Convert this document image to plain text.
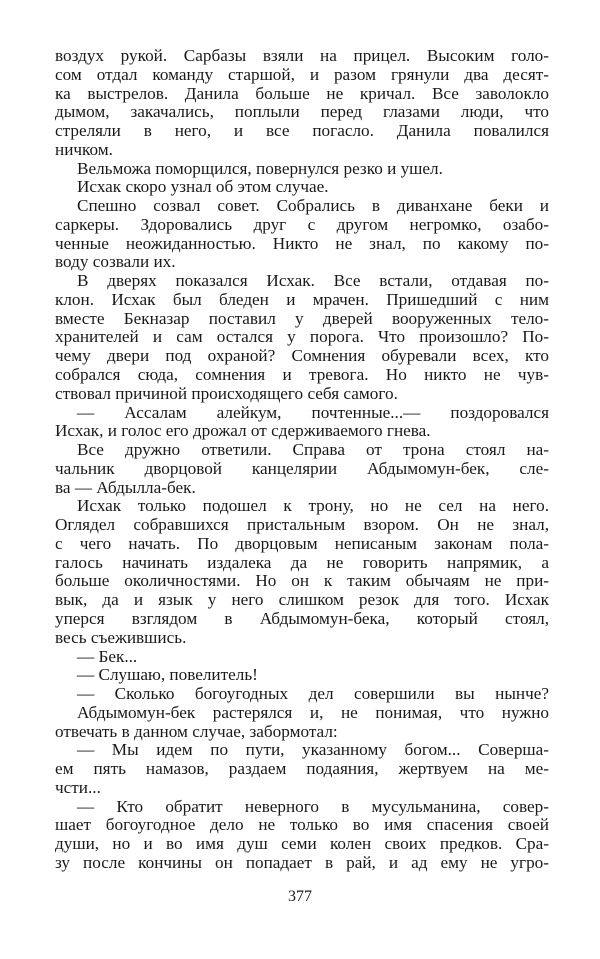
воздух рукой. Сарбазы взяли на прицел. Высоким голо-
сом отдал команду старшой, и разом грянули два десят-
ка выстрелов. Данила больше не кричал. Все заволокло
дымом, закачались, поплыли перед глазами люди, что
стреляли в него, и все погасло. Данила повалился
ничком.
Вельможа поморщился, повернулся резко и ушел.
Исхак скоро узнал об этом случае.
Спешно созвал совет. Собрались в диванхане беки и
саркеры. Здоровались друг с другом негромко, озабо-
ченные неожиданностью. Никто не знал, по какому по-
воду созвали их.
В дверях показался Исхак. Все встали, отдавая по-
клон. Исхак был бледен и мрачен. Пришедший с ним
вместе Бекназар поставил у дверей вооруженных тело-
хранителей и сам остался у порога. Что произошло? По-
чему двери под охраной? Сомнения обуревали всех, кто
собрался сюда, сомнения и тревога. Но никто не чув-
ствовал причиной происходящего себя самого.
— Ассалам алейкум, почтенные...— поздоровался
Исхак, и голос его дрожал от сдерживаемого гнева.
Все дружно ответили. Справа от трона стоял на-
чальник дворцовой канцелярии Абдымомун-бек, сле-
ва — Абдылла-бек.
Исхак только подошел к трону, но не сел на него.
Оглядел собравшихся пристальным взором. Он не знал,
с чего начать. По дворцовым неписаным законам пола-
галось начинать издалека да не говорить напрямик, а
больше околичностями. Но он к таким обычаям не при-
вык, да и язык у него слишком резок для того. Исхак
уперся взглядом в Абдымомун-бека, который стоял,
весь съежившись.
— Бек...
— Слушаю, повелитель!
— Сколько богоугодных дел совершили вы нынче?
Абдымомун-бек растерялся и, не понимая, что нужно
отвечать в данном случае, забормотал:
— Мы идем по пути, указанному богом... Соверша-
ем пять намазов, раздаем подаяния, жертвуем на ме-
чсти...
— Кто обратит неверного в мусульманина, совер-
шает богоугодное дело не только во имя спасения своей
души, но и во имя душ семи колен своих предков. Сра-
зу после кончины он попадает в рай, и ад ему не угро-
377
